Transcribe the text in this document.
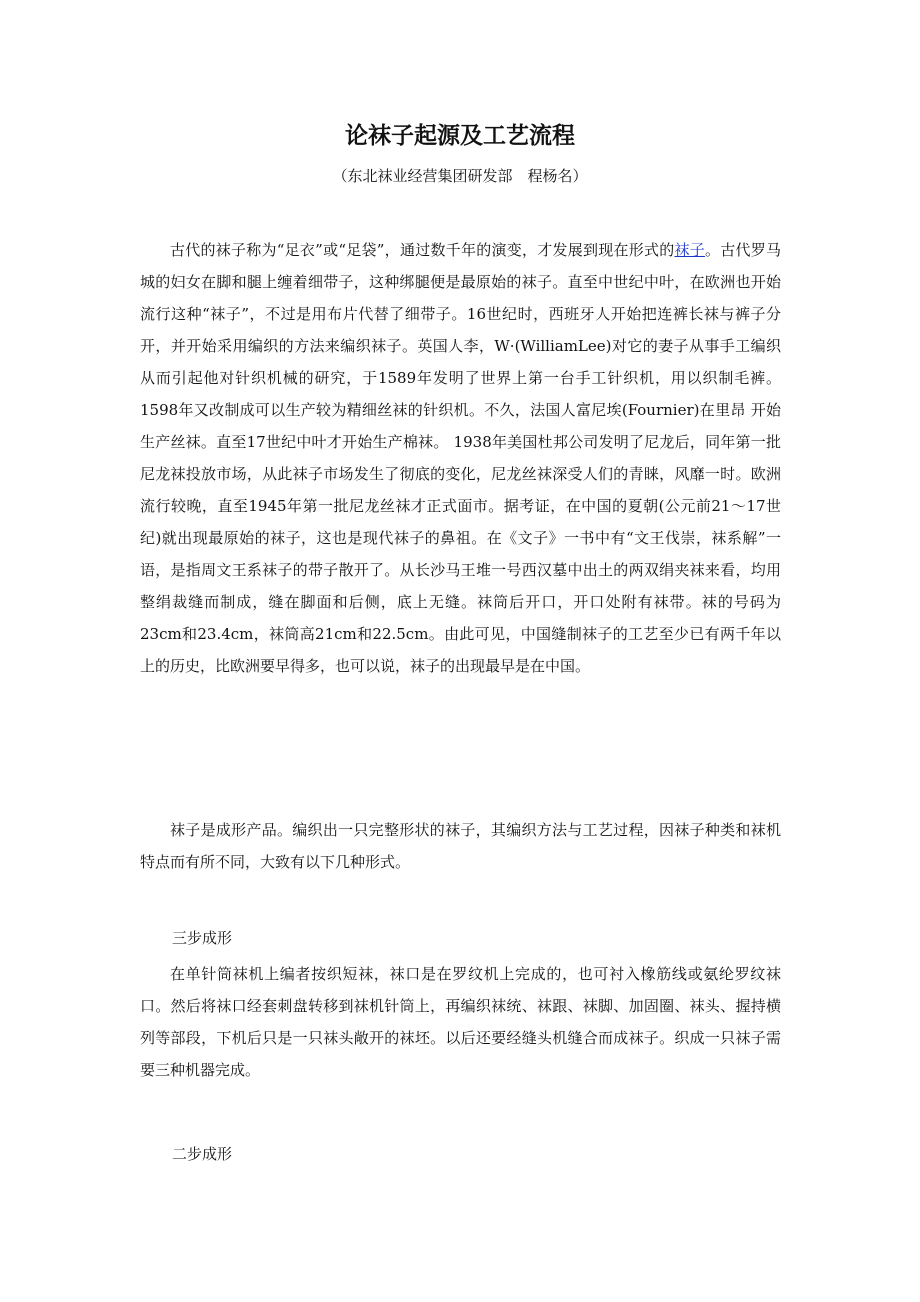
论袜子起源及工艺流程

（东北袜业经营集团研发部　程杨名）

古代的袜子称为“足衣”或“足袋”，通过数千年的演变，才发展到现在形式的袜子。古代罗马城的妇女在脚和腿上缠着细带子，这种绑腿便是最原始的袜子。直至中世纪中叶，在欧洲也开始流行这种“袜子”，不过是用布片代替了细带子。16世纪时，西班牙人开始把连裤长袜与裤子分开，并开始采用编织的方法来编织袜子。英国人李，W·(WilliamLee)对它的妻子从事手工编织从而引起他对针织机械的研究，于1589年发明了世界上第一台手工针织机，用以织制毛裤。1598年又改制成可以生产较为精细丝袜的针织机。不久，法国人富尼埃(Fournier)在里昂 开始生产丝袜。直至17世纪中叶才开始生产棉袜。 1938年美国杜邦公司发明了尼龙后，同年第一批尼龙袜投放市场，从此袜子市场发生了彻底的变化，尼龙丝袜深受人们的青睐，风靡一时。欧洲流行较晚，直至1945年第一批尼龙丝袜才正式面市。据考证，在中国的夏朝(公元前21～17世纪)就出现最原始的袜子，这也是现代袜子的鼻祖。在《文子》一书中有“文王伐崇，袜系解”一语，是指周文王系袜子的带子散开了。从长沙马王堆一号西汉墓中出土的两双绢夹袜来看，均用整绢裁缝而制成，缝在脚面和后侧，底上无缝。袜筒后开口，开口处附有袜带。袜的号码为23cm和23.4cm，袜筒高21cm和22.5cm。由此可见，中国缝制袜子的工艺至少已有两千年以上的历史，比欧洲要早得多，也可以说，袜子的出现最早是在中国。

袜子是成形产品。编织出一只完整形状的袜子，其编织方法与工艺过程，因袜子种类和袜机特点而有所不同，大致有以下几种形式。

三步成形

在单针筒袜机上编者按织短袜，袜口是在罗纹机上完成的，也可衬入橡筋线或氨纶罗纹袜口。然后将袜口经套刺盘转移到袜机针筒上，再编织袜统、袜跟、袜脚、加固圈、袜头、握持横列等部段，下机后只是一只袜头敞开的袜坯。以后还要经缝头机缝合而成袜子。织成一只袜子需要三种机器完成。

二步成形
